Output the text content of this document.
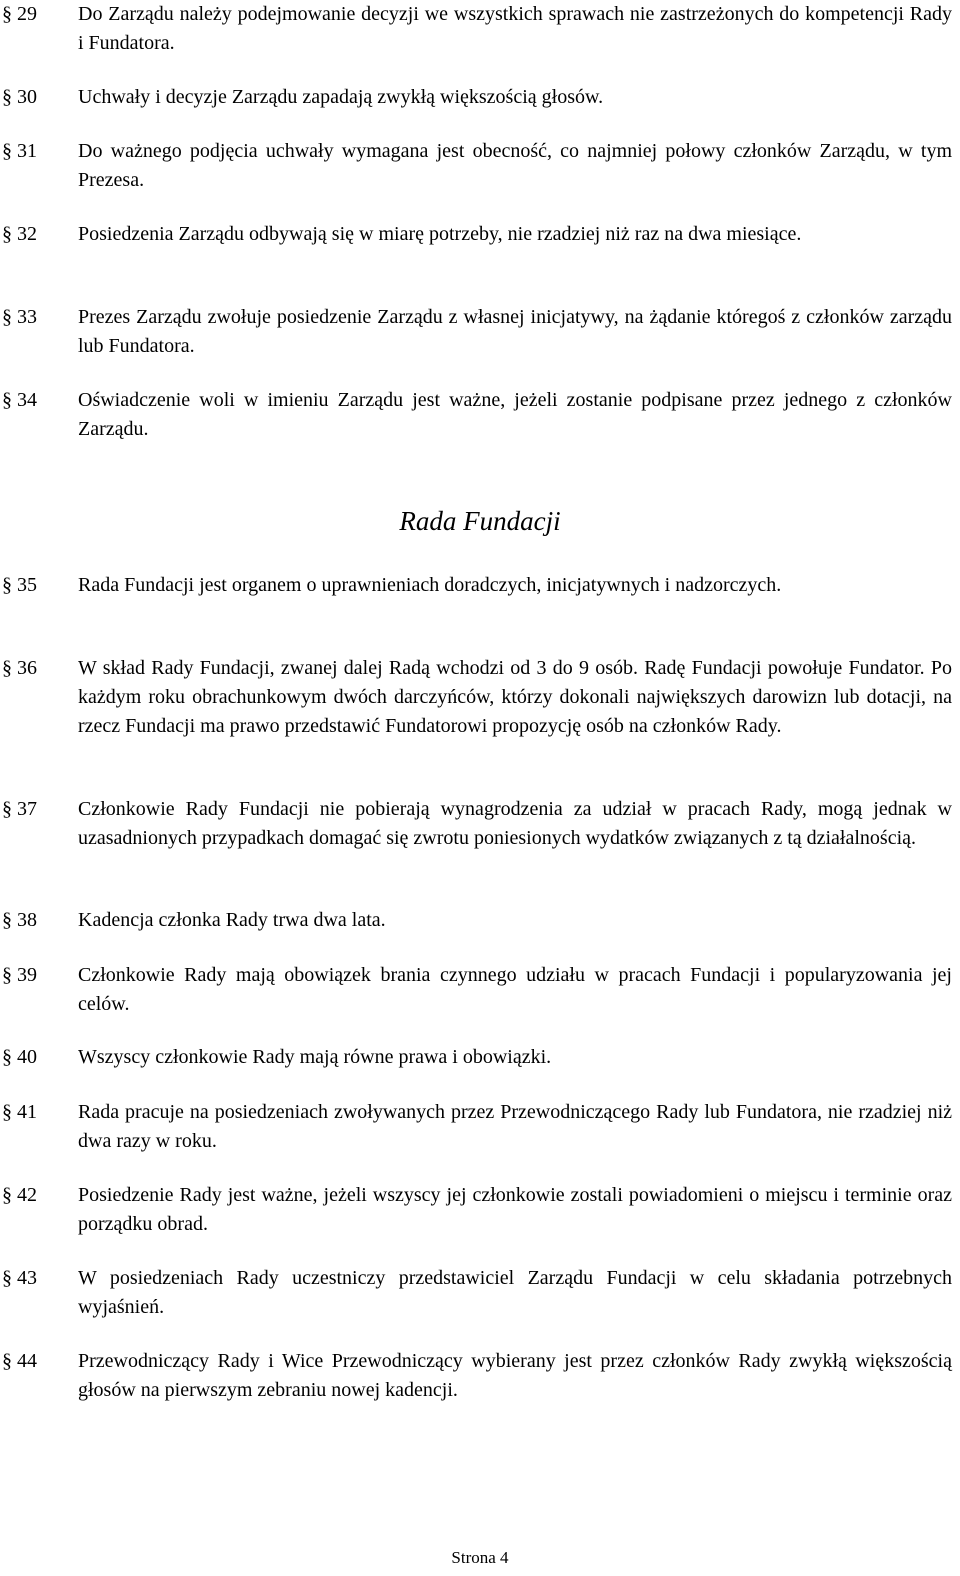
§ 29 Do Zarządu należy podejmowanie decyzji we wszystkich sprawach nie zastrzeżonych do kompetencji Rady i Fundatora.
§ 30 Uchwały i decyzje Zarządu zapadają zwykłą większością głosów.
§ 31 Do ważnego podjęcia uchwały wymagana jest obecność, co najmniej połowy członków Zarządu, w tym Prezesa.
§ 32 Posiedzenia Zarządu odbywają się w miarę potrzeby, nie rzadziej niż raz na dwa miesiące.
§ 33 Prezes Zarządu zwołuje posiedzenie Zarządu z własnej inicjatywy, na żądanie któregoś z członków zarządu lub Fundatora.
§ 34 Oświadczenie woli w imieniu Zarządu jest ważne, jeżeli zostanie podpisane przez jednego z członków Zarządu.
Rada Fundacji
§ 35 Rada Fundacji jest organem o uprawnieniach doradczych, inicjatywnych i nadzorczych.
§ 36 W skład Rady Fundacji, zwanej dalej Radą wchodzi od 3 do 9 osób. Radę Fundacji powołuje Fundator. Po każdym roku obrachunkowym dwóch darczyńców, którzy dokonali największych darowizn lub dotacji, na rzecz Fundacji ma prawo przedstawić Fundatorowi propozycję osób na członków Rady.
§ 37 Członkowie Rady Fundacji nie pobierają wynagrodzenia za udział w pracach Rady, mogą jednak w uzasadnionych przypadkach domagać się zwrotu poniesionych wydatków związanych z tą działalnością.
§ 38 Kadencja członka Rady trwa dwa lata.
§ 39 Członkowie Rady mają obowiązek brania czynnego udziału w pracach Fundacji i popularyzowania jej celów.
§ 40 Wszyscy członkowie Rady mają równe prawa i obowiązki.
§ 41 Rada pracuje na posiedzeniach zwoływanych przez Przewodniczącego Rady lub Fundatora, nie rzadziej niż dwa razy w roku.
§ 42 Posiedzenie Rady jest ważne, jeżeli wszyscy jej członkowie zostali powiadomieni o miejscu i terminie oraz porządku obrad.
§ 43 W posiedzeniach Rady uczestniczy przedstawiciel Zarządu Fundacji w celu składania potrzebnych wyjaśnień.
§ 44 Przewodniczący Rady i Wice Przewodniczący wybierany jest przez członków Rady zwykłą większością głosów na pierwszym zebraniu nowej kadencji.
Strona 4
